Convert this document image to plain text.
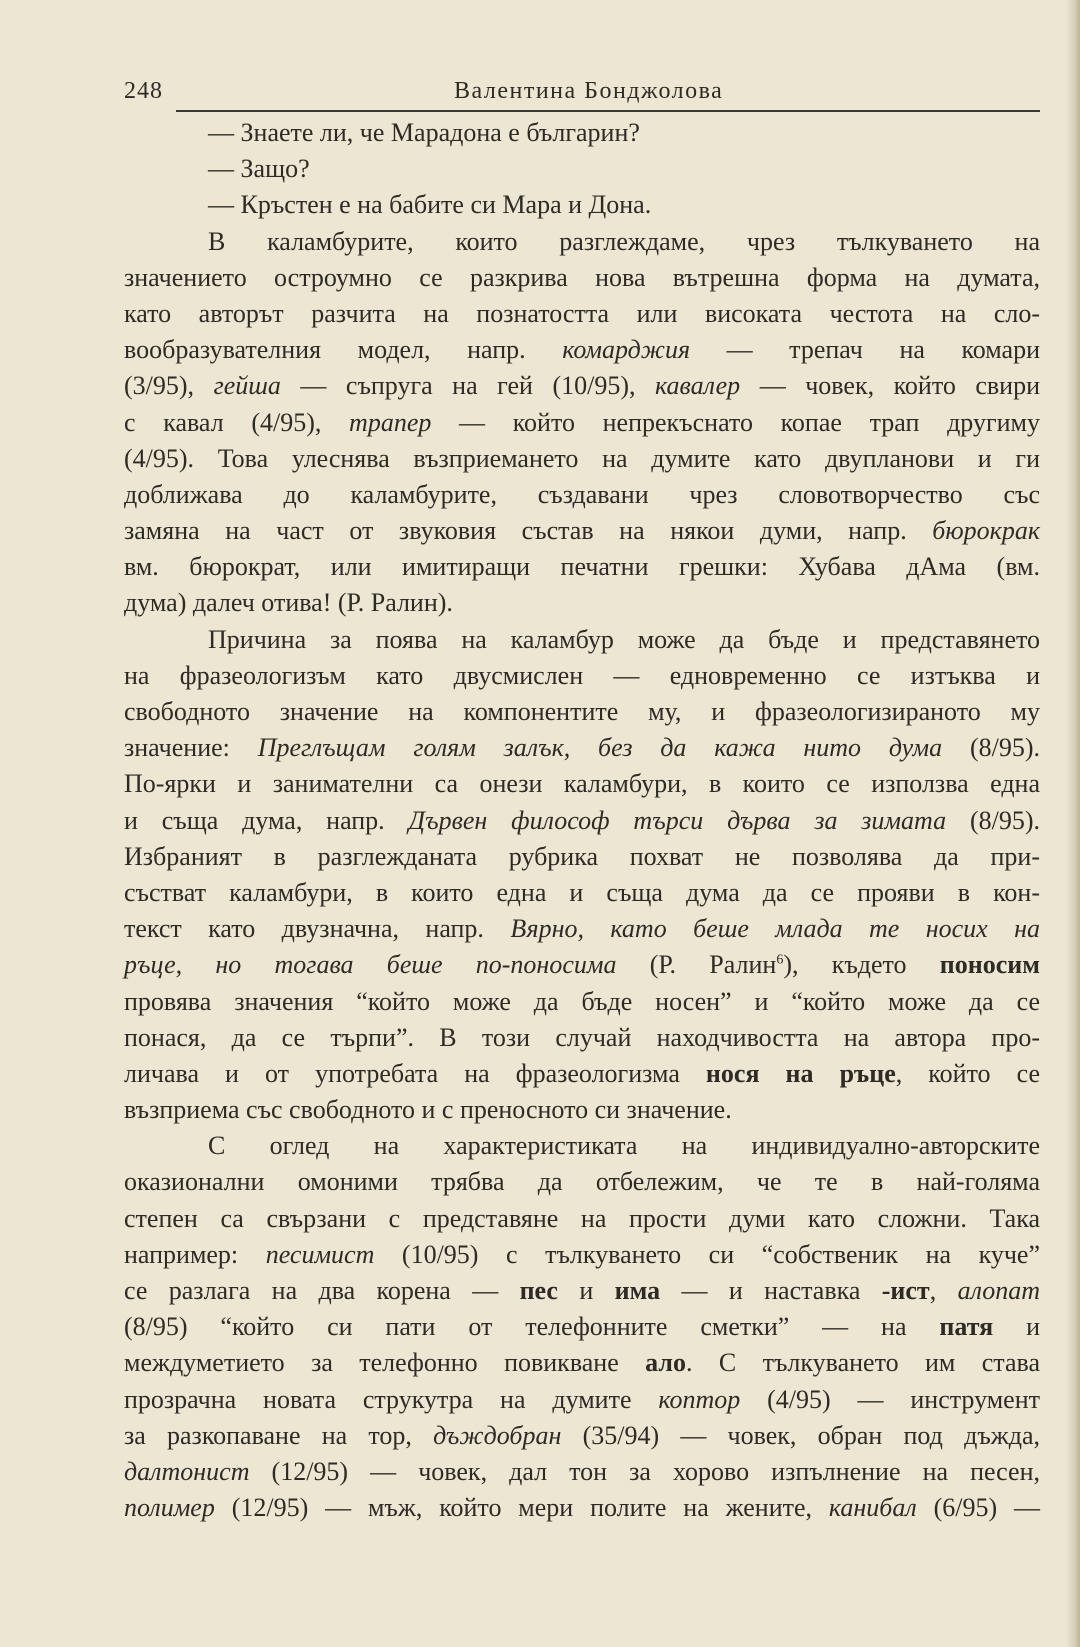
248	Валентина Бонджолова
— Знаете ли, че Марадона е българин?
— Защо?
— Кръстен е на бабите си Мара и Дона.
В каламбурите, които разглеждаме, чрез тълкуването на
значението остроумно се разкрива нова вътрешна форма на думата,
като авторът разчита на познатостта или високата честота на сло-
вообразувателния модел, напр. комарджия — трепач на комари
(3/95), гейша — съпруга на гей (10/95), кавалер — човек, който свири
с кавал (4/95), трапер — който непрекъснато копае трап другиму
(4/95). Това улеснява възприемането на думите като двупланови и ги
доближава до каламбурите, създавани чрез словотворчество със
замяна на част от звуковия състав на някои думи, напр. бюрокрак
вм. бюрократ, или имитиращи печатни грешки: Хубава дАма (вм.
дума) далеч отива! (Р. Ралин).
Причина за поява на каламбур може да бъде и представянето
на фразеологизъм като двусмислен — едновременно се изтъква и
свободното значение на компонентите му, и фразеологизираното му
значение: Преглъщам голям залък, без да кажа нито дума (8/95).
По-ярки и занимателни са онези каламбури, в които се използва една
и съща дума, напр. Дървен философ търси дърва за зимата (8/95).
Избраният в разглежданата рубрика похват не позволява да при-
състват каламбури, в които една и съща дума да се прояви в кон-
текст като двузначна, напр. Вярно, като беше млада те носих на
ръце, но тогава беше по-поносима (Р. Ралин$^6$), където поносим
провява значения “който може да бъде носен” и “който може да се
понася, да се търпи”. В този случай находчивостта на автора про-
личава и от употребата на фразеологизма нося на ръце, който се
възприема със свободното и с преносното си значение.
С оглед на характеристиката на индивидуално-авторските
оказионални омоними трябва да отбележим, че те в най-голяма
степен са свързани с представяне на прости думи като сложни. Така
например: песимист (10/95) с тълкуването си “собственик на куче”
се разлага на два корена — пес и има — и наставка -ист, алопат
(8/95) “който си пати от телефонните сметки” — на патя и
междуметието за телефонно повикване ало. С тълкуването им става
прозрачна новата струкутра на думите коптор (4/95) — инструмент
за разкопаване на тор, дъждобран (35/94) — човек, обран под дъжда,
далтонист (12/95) — човек, дал тон за хорово изпълнение на песен,
полимер (12/95) — мъж, който мери полите на жените, канибал (6/95) —
